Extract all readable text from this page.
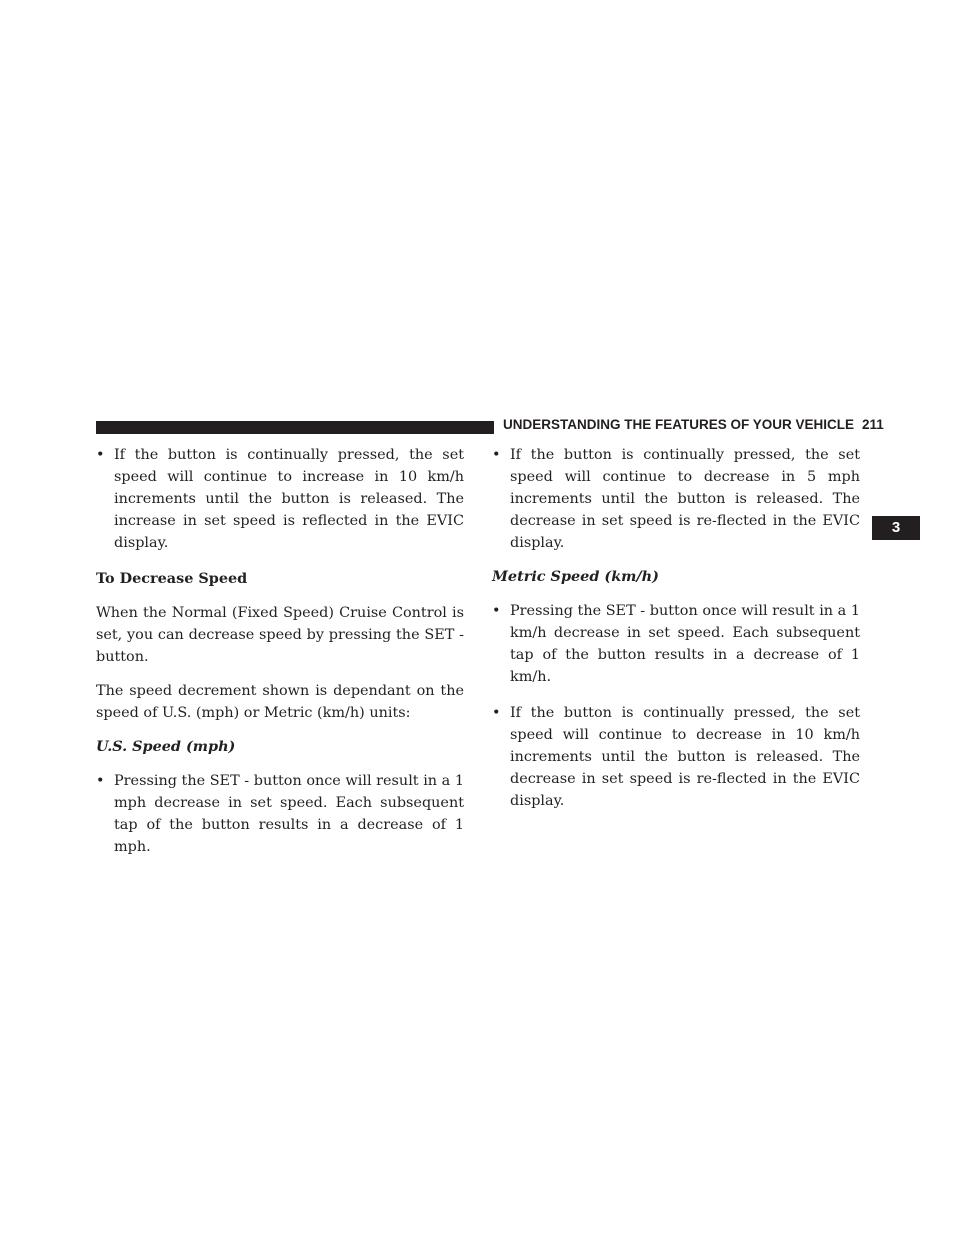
UNDERSTANDING THE FEATURES OF YOUR VEHICLE 211
3

• If the button is continually pressed, the set speed will continue to increase in 10 km/h increments until the button is released. The increase in set speed is reflected in the EVIC display.

To Decrease Speed

When the Normal (Fixed Speed) Cruise Control is set, you can decrease speed by pressing the SET - button.

The speed decrement shown is dependant on the speed of U.S. (mph) or Metric (km/h) units:

U.S. Speed (mph)

• Pressing the SET - button once will result in a 1 mph decrease in set speed. Each subsequent tap of the button results in a decrease of 1 mph.

• If the button is continually pressed, the set speed will continue to decrease in 5 mph increments until the button is released. The decrease in set speed is re-flected in the EVIC display.

Metric Speed (km/h)

• Pressing the SET - button once will result in a 1 km/h decrease in set speed. Each subsequent tap of the button results in a decrease of 1 km/h.

• If the button is continually pressed, the set speed will continue to decrease in 10 km/h increments until the button is released. The decrease in set speed is re-flected in the EVIC display.
